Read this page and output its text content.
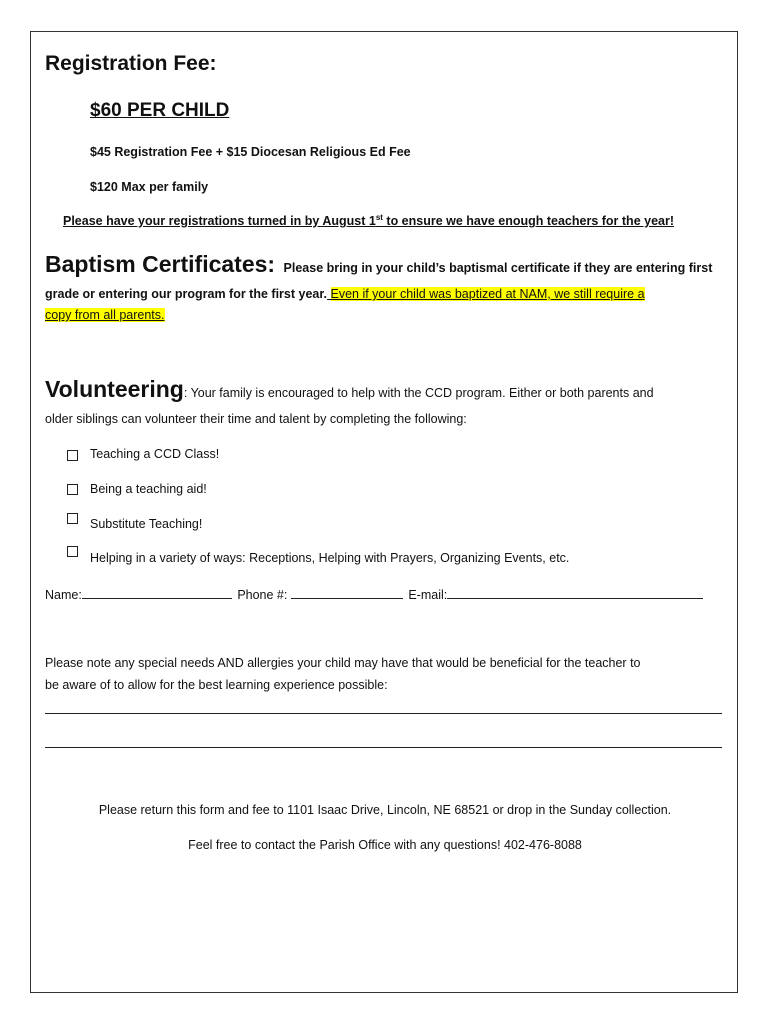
Registration Fee:
$60 PER CHILD
$45 Registration Fee + $15 Diocesan Religious Ed Fee
$120 Max per family
Please have your registrations turned in by August 1st to ensure we have enough teachers for the year!
Baptism Certificates: Please bring in your child’s baptismal certificate if they are entering first
grade or entering our program for the first year. Even if your child was baptized at NAM, we still require a
copy from all parents.
Volunteering: Your family is encouraged to help with the CCD program. Either or both parents and
older siblings can volunteer their time and talent by completing the following:
Teaching a CCD Class!
Being a teaching aid!
Substitute Teaching!
Helping in a variety of ways: Receptions, Helping with Prayers, Organizing Events, etc.
Name:	Phone #:	E-mail:
Please note any special needs AND allergies your child may have that would be beneficial for the teacher to
be aware of to allow for the best learning experience possible:
Please return this form and fee to 1101 Isaac Drive, Lincoln, NE 68521 or drop in the Sunday collection.
Feel free to contact the Parish Office with any questions! 402-476-8088
